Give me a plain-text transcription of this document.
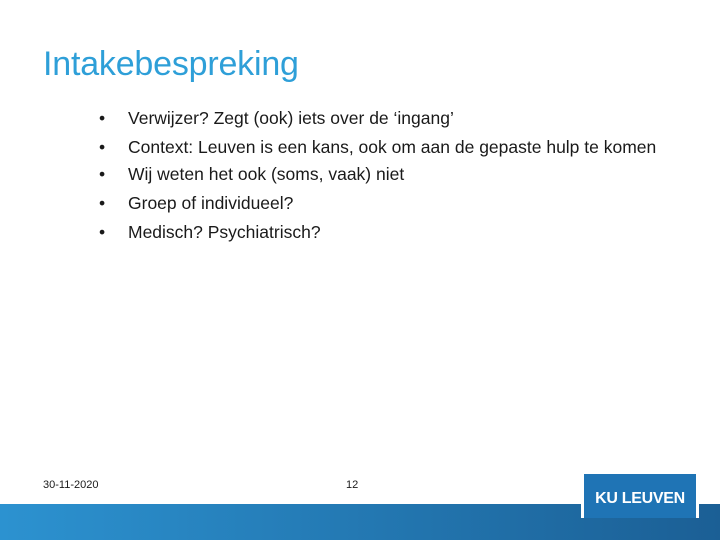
Intakebespreking
• Verwijzer? Zegt (ook) iets over de ‘ingang’
• Context: Leuven is een kans, ook om aan de gepaste hulp te komen
• Wij weten het ook (soms, vaak) niet
• Groep of individueel?
• Medisch? Psychiatrisch?
30-11-2020	12
KU LEUVEN
